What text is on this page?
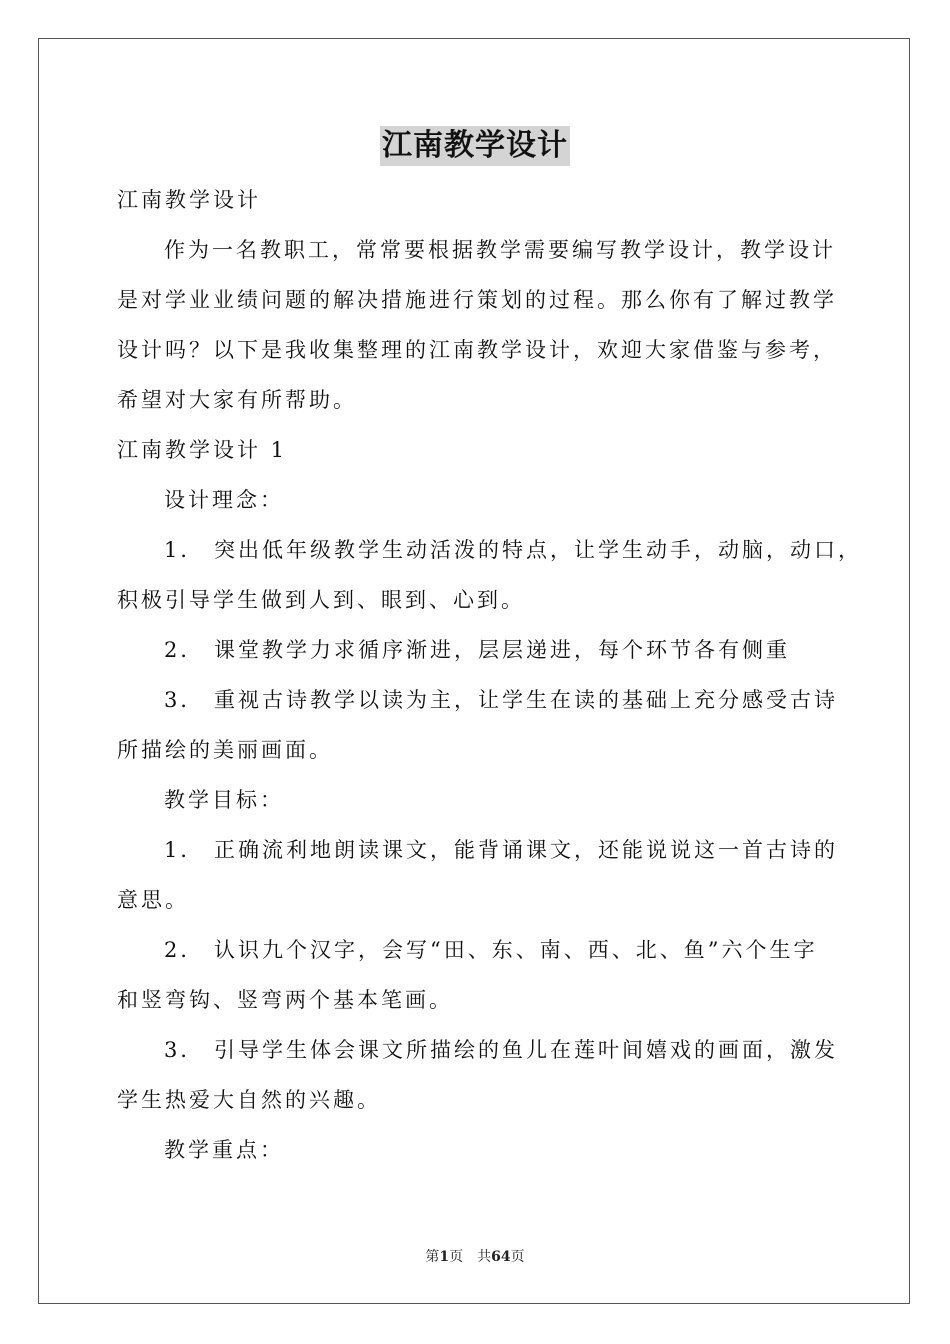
江南教学设计

江南教学设计

作为一名教职工，常常要根据教学需要编写教学设计，教学设计

是对学业业绩问题的解决措施进行策划的过程。那么你有了解过教学

设计吗？以下是我收集整理的江南教学设计，欢迎大家借鉴与参考，

希望对大家有所帮助。

江南教学设计 1

设计理念：

1． 突出低年级教学生动活泼的特点，让学生动手，动脑，动口，

积极引导学生做到人到、眼到、心到。

2． 课堂教学力求循序渐进，层层递进，每个环节各有侧重

3． 重视古诗教学以读为主，让学生在读的基础上充分感受古诗

所描绘的美丽画面。

教学目标：

1． 正确流利地朗读课文，能背诵课文，还能说说这一首古诗的

意思。

2． 认识九个汉字，会写“田、东、南、西、北、鱼”六个生字

和竖弯钩、竖弯两个基本笔画。

3． 引导学生体会课文所描绘的鱼儿在莲叶间嬉戏的画面，激发

学生热爱大自然的兴趣。

教学重点：

第1页 共64页
